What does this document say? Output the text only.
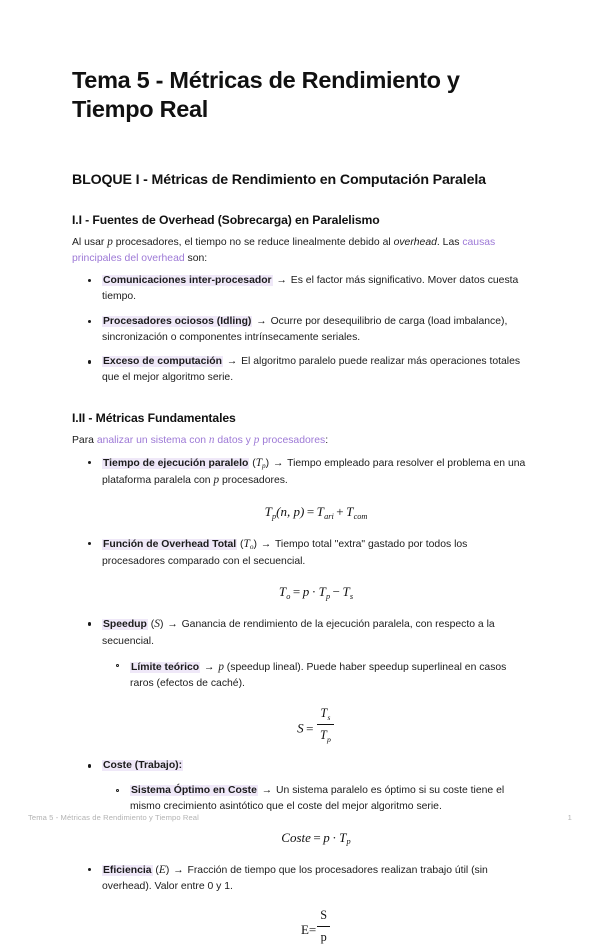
Tema 5 - Métricas de Rendimiento y Tiempo Real
BLOQUE I - Métricas de Rendimiento en Computación Paralela
I.I - Fuentes de Overhead (Sobrecarga) en Paralelismo

Al usar p procesadores, el tiempo no se reduce linealmente debido al overhead. Las causas principales del overhead son:

Comunicaciones inter-procesador → Es el factor más significativo. Mover datos cuesta tiempo.
Procesadores ociosos (Idling) → Ocurre por desequilibrio de carga (load imbalance), sincronización o componentes intrínsecamente seriales.
Exceso de computación → El algoritmo paralelo puede realizar más operaciones totales que el mejor algoritmo serie.
I.II - Métricas Fundamentales

Para analizar un sistema con n datos y p procesadores:

Tiempo de ejecución paralelo $(T_p)$ → Tiempo empleado para resolver el problema en una plataforma paralela con p procesadores.
$T_p(n$, $p) = T_{ari} + T_{com}$
Función de Overhead Total $(T_o)$ → Tiempo total "extra" gastado por todos los procesadores comparado con el secuencial.
$T_o = p \cdot T_p - T_s$
Speedup (S) → Ganancia de rendimiento de la ejecución paralela, con respecto a la secuencial.
Límite teórico → p (speedup lineal). Puede haber speedup superlineal en casos raros (efectos de caché).
$S = \frac{T_s}{T_p}$
Coste (Trabajo):
Sistema Óptimo en Coste → Un sistema paralelo es óptimo si su coste tiene el mismo crecimiento asintótico que el coste del mejor algoritmo serie.
Coste = $p \cdot T_p$
Eficiencia (E) → Fracción de tiempo que los procesadores realizan trabajo útil (sin overhead). Valor entre 0 y 1.
$E= \frac{S}{p}$
Tema 5 - Métricas de Rendimiento y Tiempo Real	1
